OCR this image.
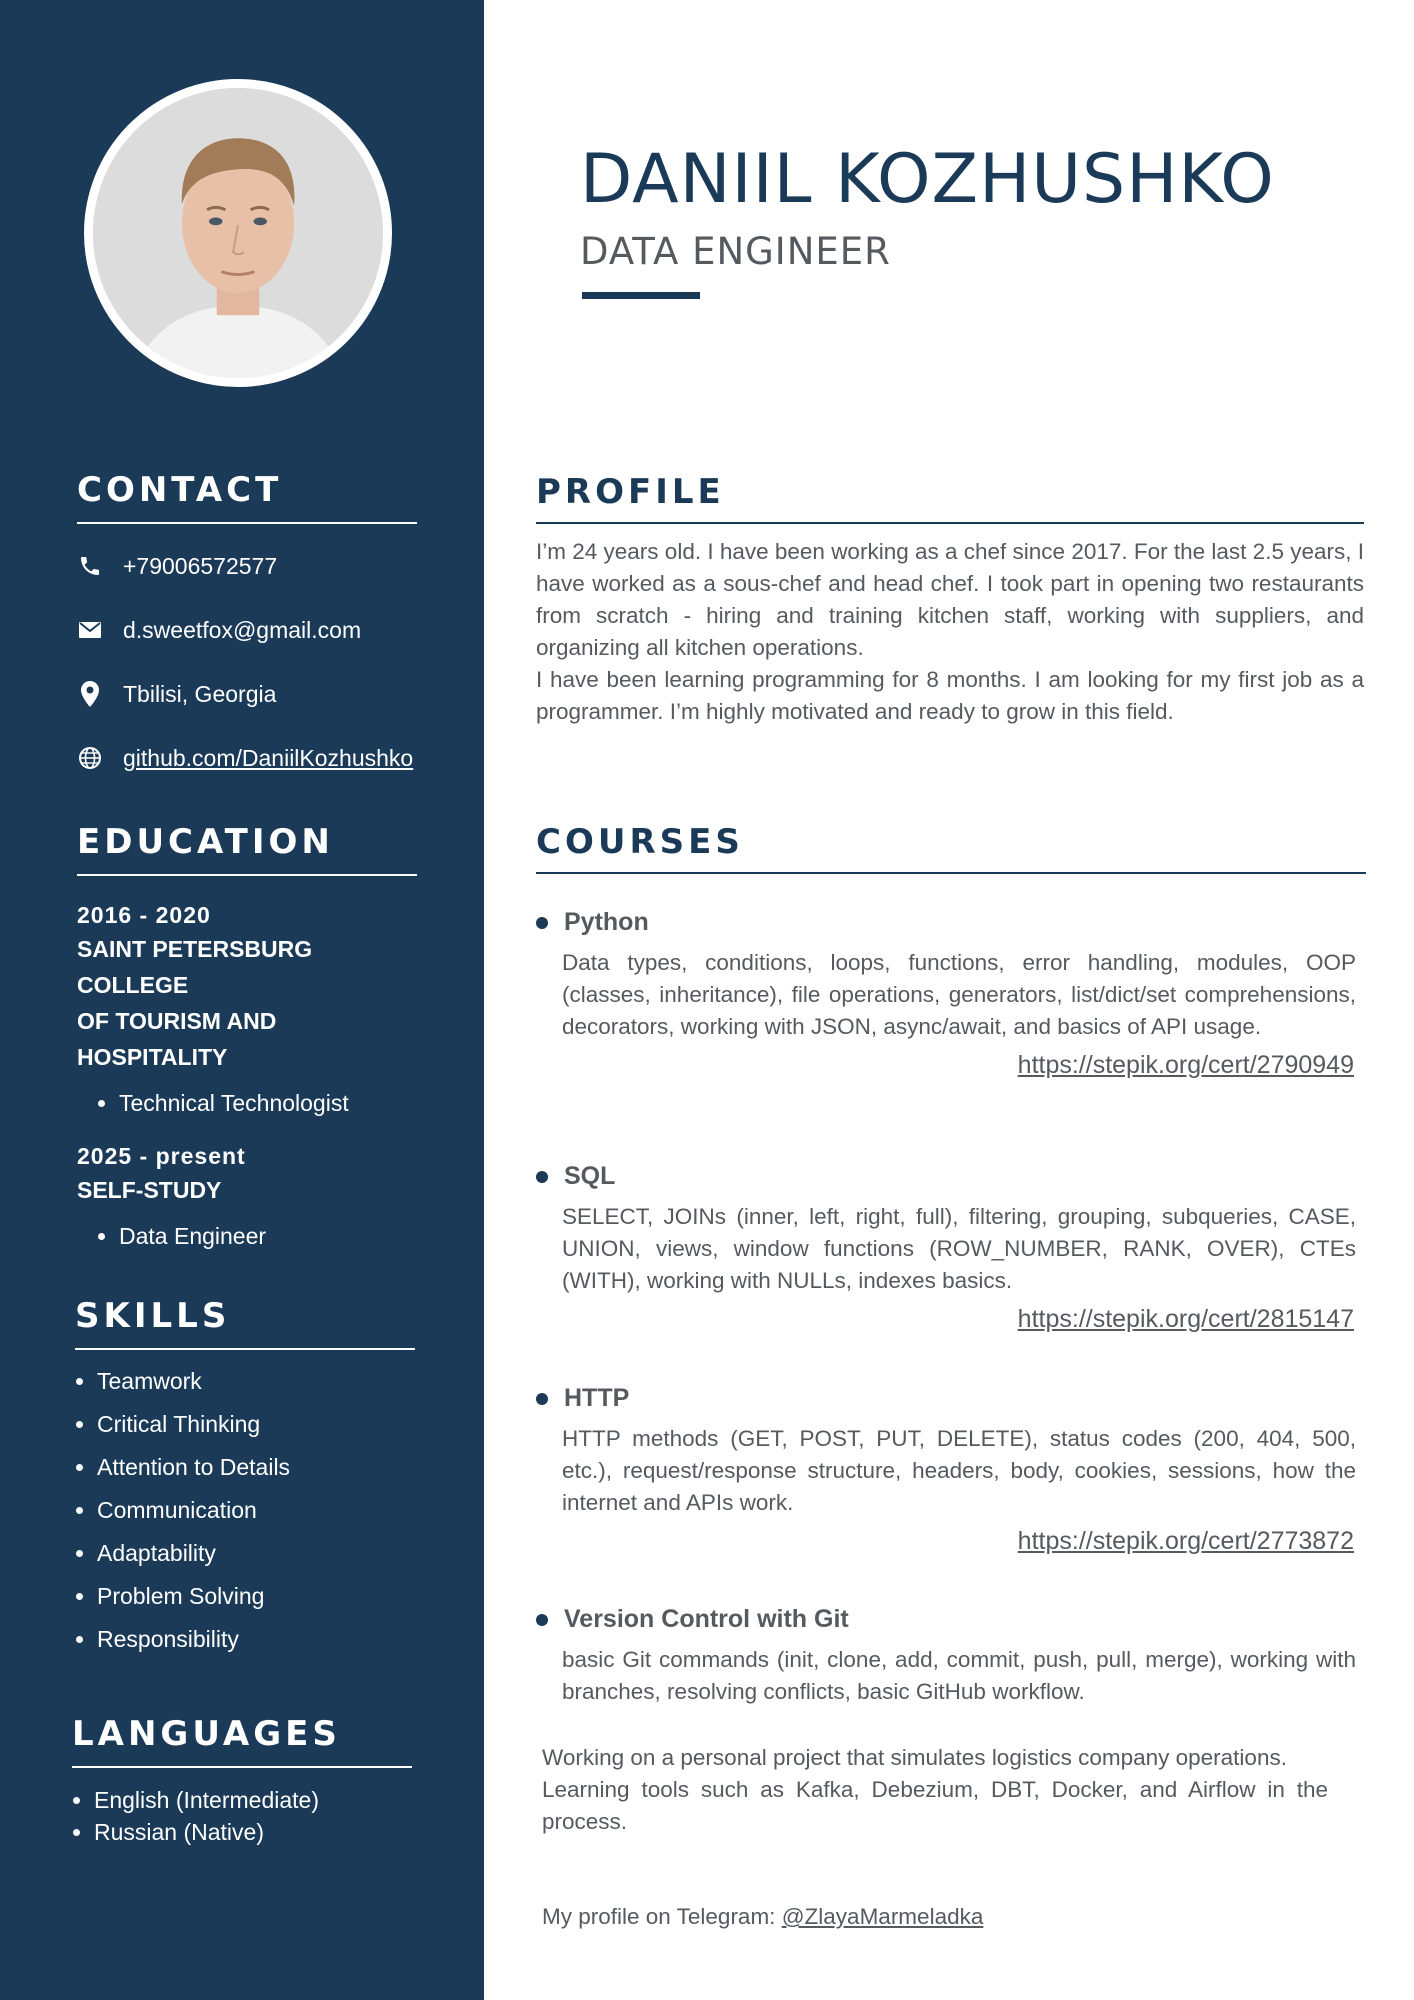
CONTACT
+79006572577
d.sweetfox@gmail.com
Tbilisi, Georgia
github.com/DaniilKozhushko
EDUCATION
2016 - 2020
SAINT PETERSBURG COLLEGE
OF TOURISM AND
HOSPITALITY
• Technical Technologist
2025 - present
SELF-STUDY
• Data Engineer
SKILLS
• Teamwork
• Critical Thinking
• Attention to Details
• Communication
• Adaptability
• Problem Solving
• Responsibility
LANGUAGES
• English (Intermediate)
• Russian (Native)
DANIIL KOZHUSHKO
DATA ENGINEER
PROFILE

I’m 24 years old. I have been working as a chef since 2017. For the last 2.5 years, I have worked as a sous-chef and head chef. I took part in opening two restaurants from scratch - hiring and training kitchen staff, working with suppliers, and organizing all kitchen operations.

I have been learning programming for 8 months. I am looking for my first job as a programmer. I’m highly motivated and ready to grow in this field.

COURSES
Python
Data types, conditions, loops, functions, error handling, modules, OOP (classes, inheritance), file operations, generators, list/dict/set comprehensions, decorators, working with JSON, async/await, and basics of API usage.
https://stepik.org/cert/2790949
SQL
SELECT, JOINs (inner, left, right, full), filtering, grouping, subqueries, CASE, UNION, views, window functions (ROW_NUMBER, RANK, OVER), CTEs (WITH), working with NULLs, indexes basics.
https://stepik.org/cert/2815147
HTTP
HTTP methods (GET, POST, PUT, DELETE), status codes (200, 404, 500, etc.), request/response structure, headers, body, cookies, sessions, how the internet and APIs work.
https://stepik.org/cert/2773872
Version Control with Git
basic Git commands (init, clone, add, commit, push, pull, merge), working with branches, resolving conflicts, basic GitHub workflow.

Working on a personal project that simulates logistics company operations.

Learning tools such as Kafka, Debezium, DBT, Docker, and Airflow in the process.

My profile on Telegram: @ZlayaMarmeladka
